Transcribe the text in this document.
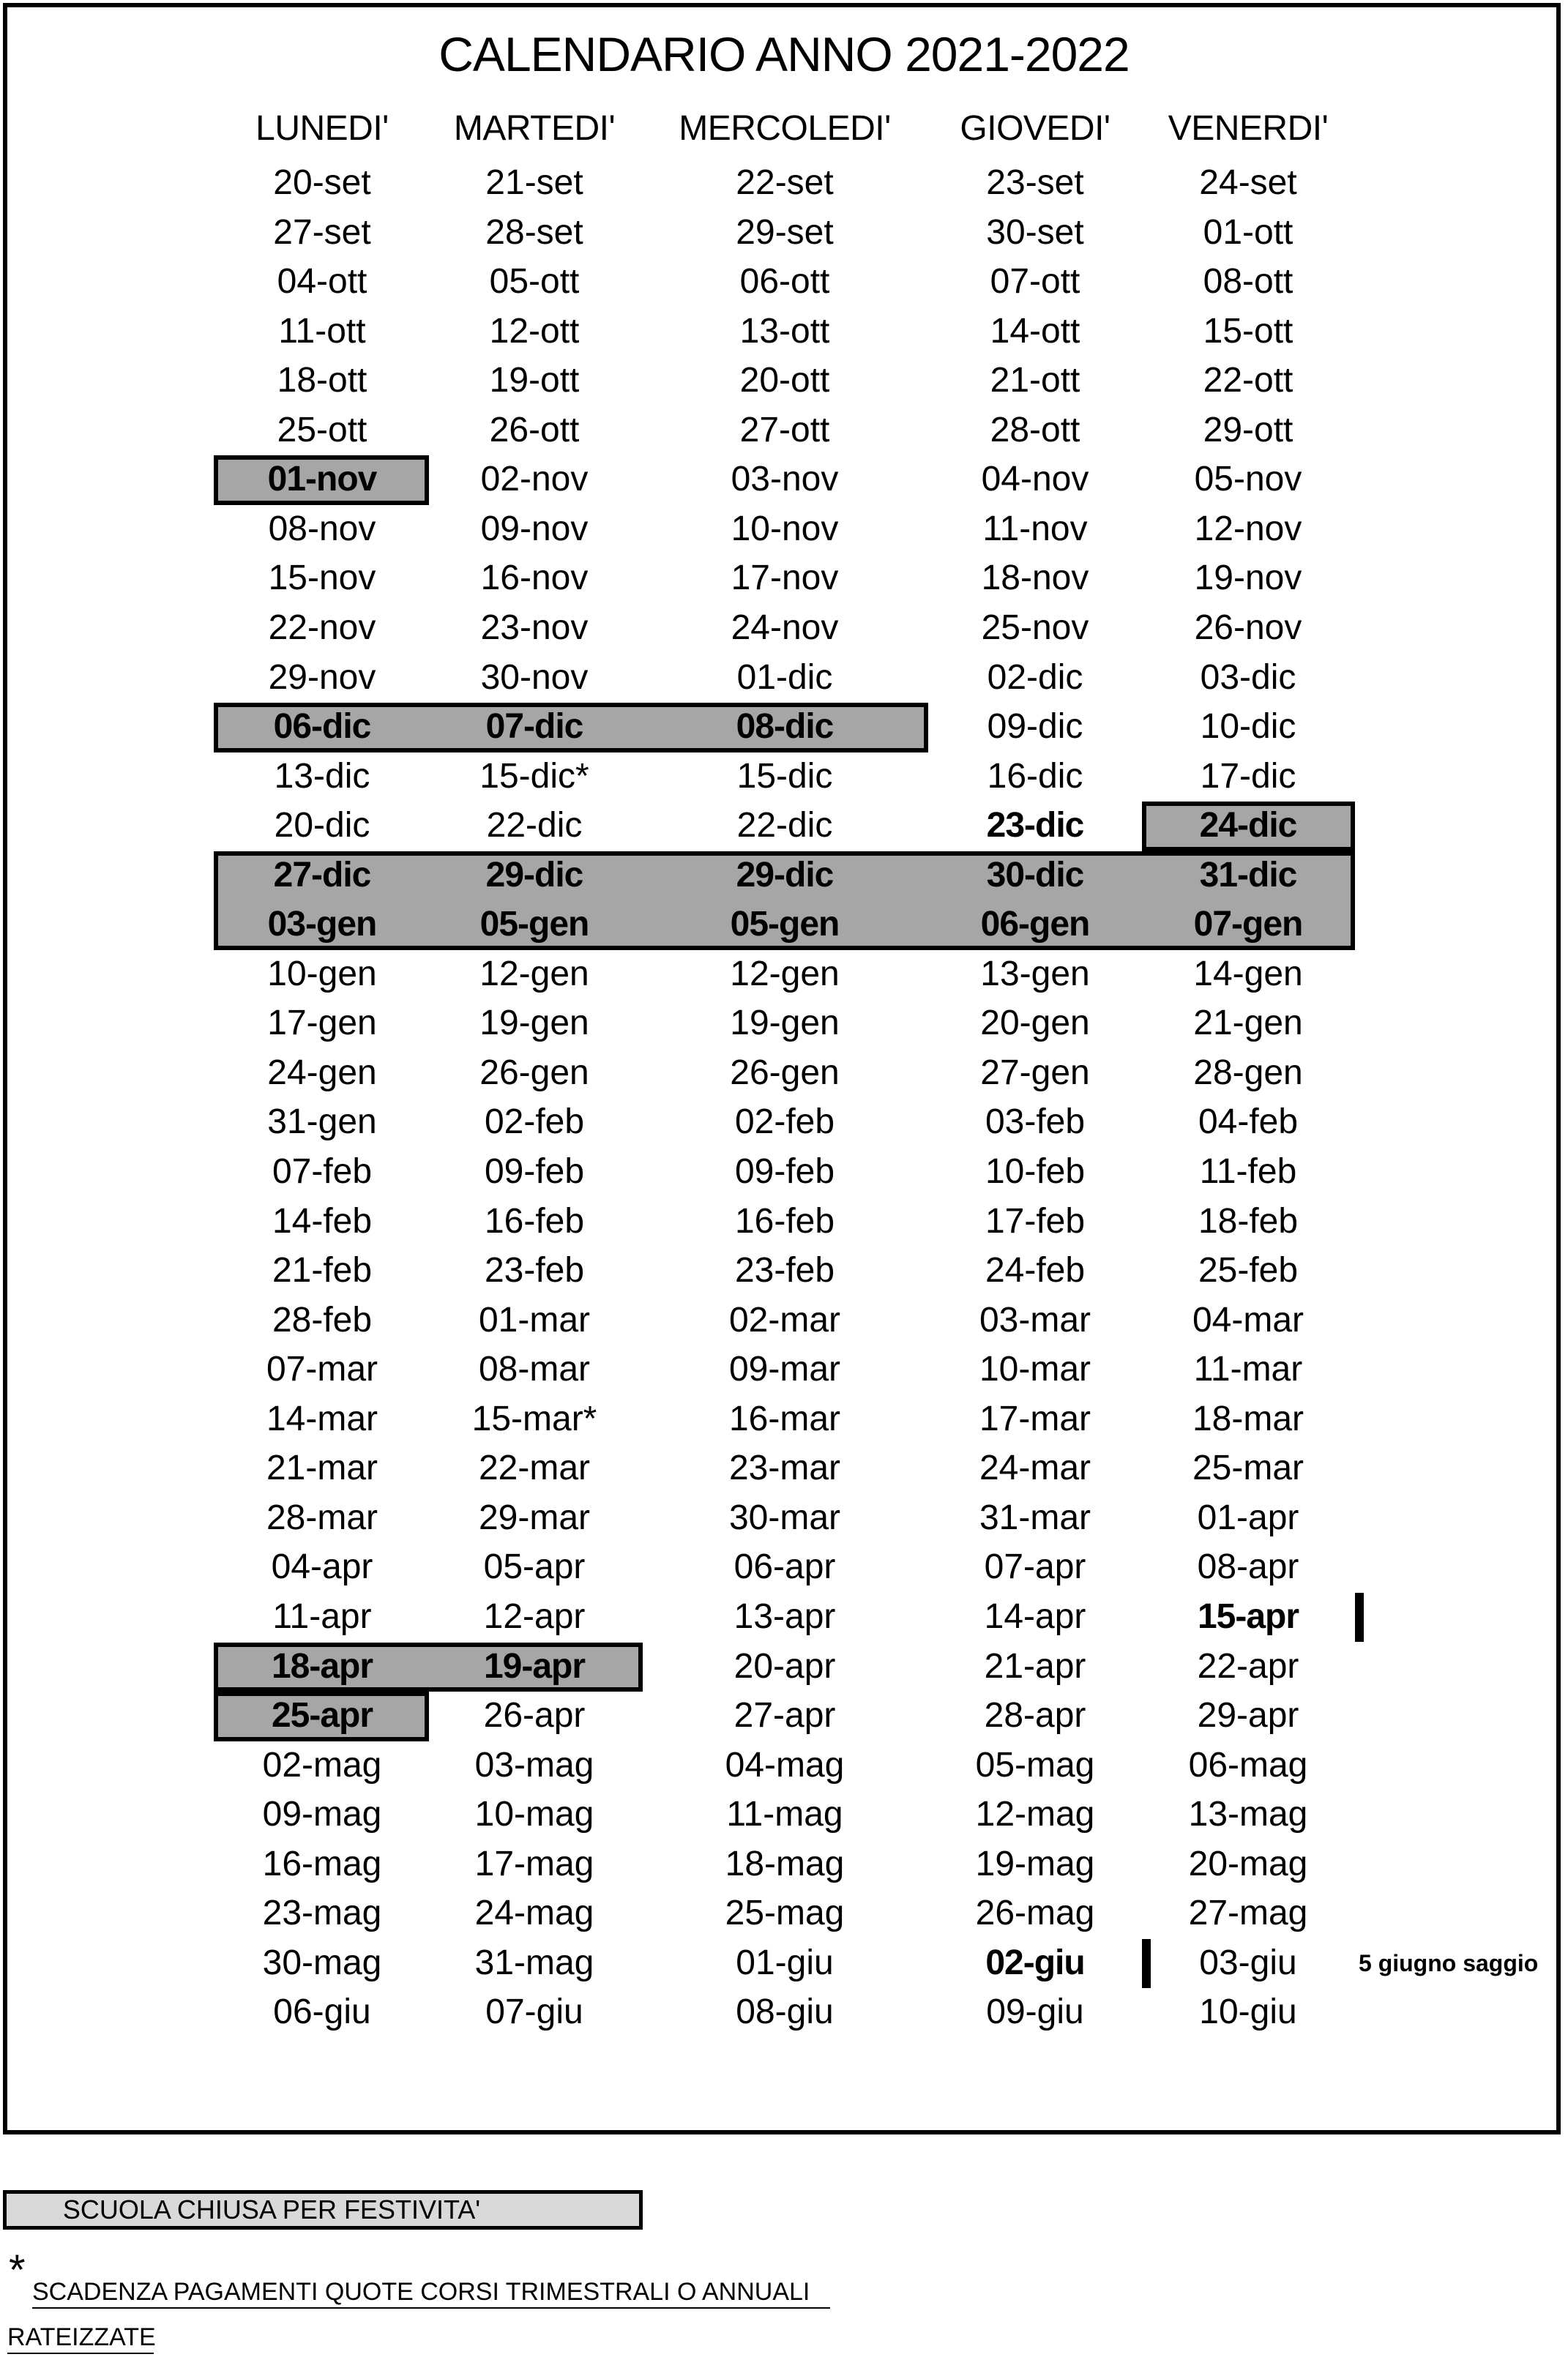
CALENDARIO ANNO 2021-2022
LUNEDI'	MARTEDI'	MERCOLEDI'	GIOVEDI'	VENERDI'
20-set	21-set	22-set	23-set	24-set
27-set	28-set	29-set	30-set	01-ott
04-ott	05-ott	06-ott	07-ott	08-ott
11-ott	12-ott	13-ott	14-ott	15-ott
18-ott	19-ott	20-ott	21-ott	22-ott
25-ott	26-ott	27-ott	28-ott	29-ott
01-nov	02-nov	03-nov	04-nov	05-nov
08-nov	09-nov	10-nov	11-nov	12-nov
15-nov	16-nov	17-nov	18-nov	19-nov
22-nov	23-nov	24-nov	25-nov	26-nov
29-nov	30-nov	01-dic	02-dic	03-dic
06-dic	07-dic	08-dic	09-dic	10-dic
13-dic	15-dic*	15-dic	16-dic	17-dic
20-dic	22-dic	22-dic	23-dic	24-dic
27-dic	29-dic	29-dic	30-dic	31-dic
03-gen	05-gen	05-gen	06-gen	07-gen
10-gen	12-gen	12-gen	13-gen	14-gen
17-gen	19-gen	19-gen	20-gen	21-gen
24-gen	26-gen	26-gen	27-gen	28-gen
31-gen	02-feb	02-feb	03-feb	04-feb
07-feb	09-feb	09-feb	10-feb	11-feb
14-feb	16-feb	16-feb	17-feb	18-feb
21-feb	23-feb	23-feb	24-feb	25-feb
28-feb	01-mar	02-mar	03-mar	04-mar
07-mar	08-mar	09-mar	10-mar	11-mar
14-mar	15-mar*	16-mar	17-mar	18-mar
21-mar	22-mar	23-mar	24-mar	25-mar
28-mar	29-mar	30-mar	31-mar	01-apr
04-apr	05-apr	06-apr	07-apr	08-apr
11-apr	12-apr	13-apr	14-apr	15-apr
18-apr	19-apr	20-apr	21-apr	22-apr
25-apr	26-apr	27-apr	28-apr	29-apr
02-mag	03-mag	04-mag	05-mag	06-mag
09-mag	10-mag	11-mag	12-mag	13-mag
16-mag	17-mag	18-mag	19-mag	20-mag
23-mag	24-mag	25-mag	26-mag	27-mag
30-mag	31-mag	01-giu	02-giu	03-giu
06-giu	07-giu	08-giu	09-giu	10-giu
5 giugno saggio
SCUOLA CHIUSA PER FESTIVITA'
* SCADENZA PAGAMENTI QUOTE CORSI TRIMESTRALI O ANNUALI
RATEIZZATE
